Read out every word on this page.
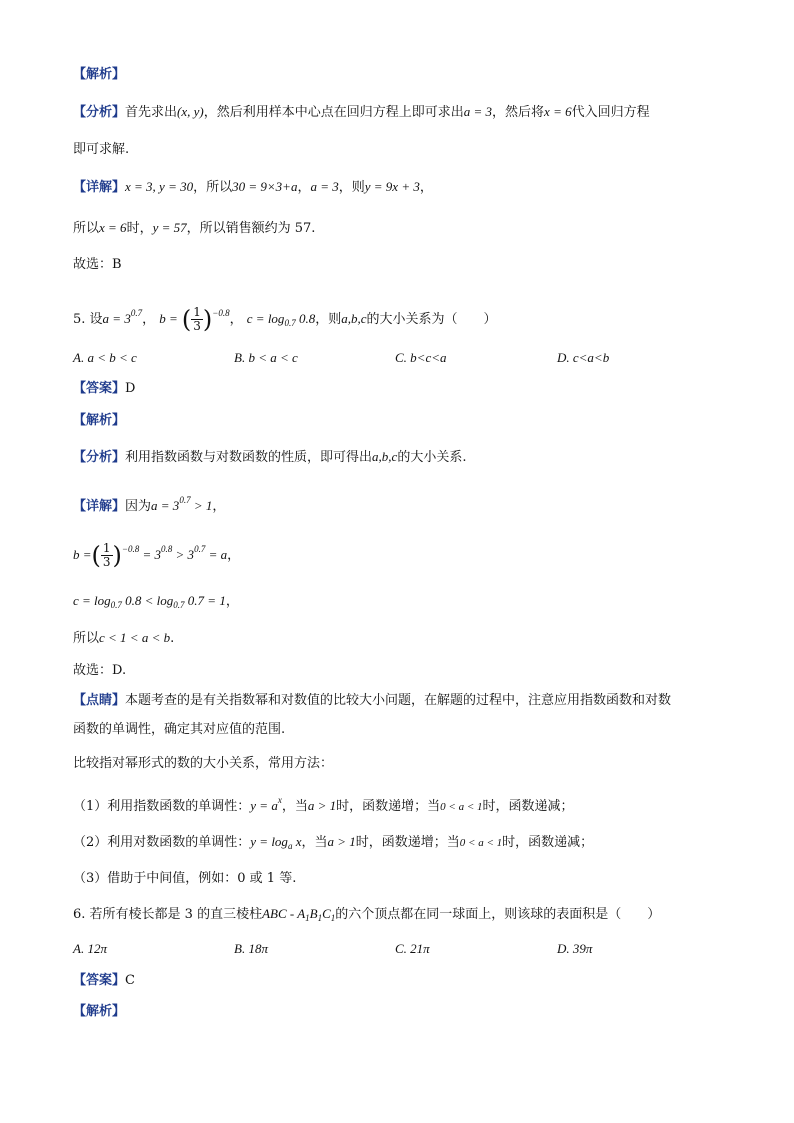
【解析】
【分析】首先求出(x, y)，然后利用样本中心点在回归方程上即可求出a = 3，然后将x = 6代入回归方程
即可求解.
【详解】x = 3, y = 30，所以30 = 9×3+a，a = 3，则y = 9x + 3，
所以x = 6时，y = 57，所以销售额约为 57.
故选：B
5. 设$a = 3^{0.7}$， b = ( $\frac{1}{3} )^{-0.8}$， $c = \log_{0.7} 0.8$，则a,b,c的大小关系为（　　）
A. a < b < c	B. b < a < c	C. b<c<a	D. c<a<b
【答案】D
【解析】
【分析】利用指数函数与对数函数的性质，即可得出a,b,c的大小关系.
【详解】因为$a = 3^{0.7} > 1$，
b =( $\frac{1}{3} )^{-0.8} = 3^{0.8} > 3^{0.7} = a$，
$c = \log_{0.7} 0.8 < \log_{0.7} 0.7 = 1$，
所以c < 1 < a < b.
故选：D.
【点睛】本题考查的是有关指数幂和对数值的比较大小问题，在解题的过程中，注意应用指数函数和对数
函数的单调性，确定其对应值的范围.
比较指对幂形式的数的大小关系，常用方法：
（1）利用指数函数的单调性：$y = a^x$，当a > 1时，函数递增；当0 < a < 1时，函数递减；
（2）利用对数函数的单调性：$y = \log_a x$，当a > 1时，函数递增；当0 < a < 1时，函数递减；
（3）借助于中间值，例如：0 或 1 等.
6. 若所有棱长都是 3 的直三棱柱ABC - $A_1B_1C_1$的六个顶点都在同一球面上，则该球的表面积是（　　）
A. 12π	B. 18π	C. 21π	D. 39π
【答案】C
【解析】
